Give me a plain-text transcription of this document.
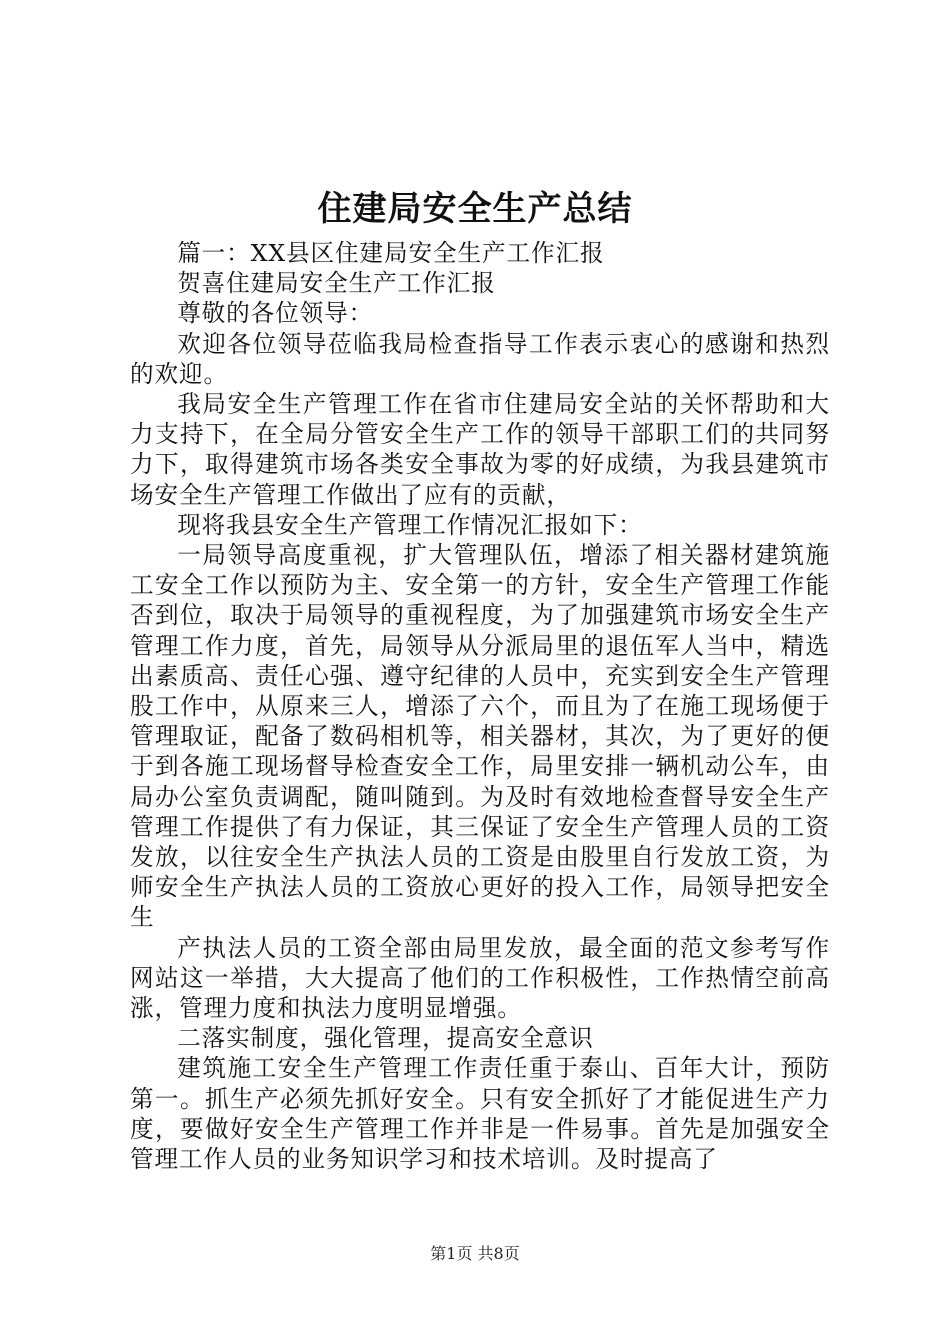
住建局安全生产总结

篇一：XX县区住建局安全生产工作汇报

贺喜住建局安全生产工作汇报

尊敬的各位领导：

欢迎各位领导莅临我局检查指导工作表示衷心的感谢和热烈的欢迎。

我局安全生产管理工作在省市住建局安全站的关怀帮助和大力支持下，在全局分管安全生产工作的领导干部职工们的共同努力下，取得建筑市场各类安全事故为零的好成绩，为我县建筑市场安全生产管理工作做出了应有的贡献，

现将我县安全生产管理工作情况汇报如下：

一局领导高度重视，扩大管理队伍，增添了相关器材建筑施工安全工作以预防为主、安全第一的方针，安全生产管理工作能否到位，取决于局领导的重视程度，为了加强建筑市场安全生产管理工作力度，首先，局领导从分派局里的退伍军人当中，精选出素质高、责任心强、遵守纪律的人员中，充实到安全生产管理股工作中，从原来三人，增添了六个，而且为了在施工现场便于管理取证，配备了数码相机等，相关器材，其次，为了更好的便于到各施工现场督导检查安全工作，局里安排一辆机动公车，由局办公室负责调配，随叫随到。为及时有效地检查督导安全生产管理工作提供了有力保证，其三保证了安全生产管理人员的工资发放，以往安全生产执法人员的工资是由股里自行发放工资，为师安全生产执法人员的工资放心更好的投入工作，局领导把安全生

产执法人员的工资全部由局里发放，最全面的范文参考写作网站这一举措，大大提高了他们的工作积极性，工作热情空前高涨，管理力度和执法力度明显增强。

二落实制度，强化管理，提高安全意识

建筑施工安全生产管理工作责任重于泰山、百年大计，预防第一。抓生产必须先抓好安全。只有安全抓好了才能促进生产力度，要做好安全生产管理工作并非是一件易事。首先是加强安全管理工作人员的业务知识学习和技术培训。及时提高了

第1页 共8页
